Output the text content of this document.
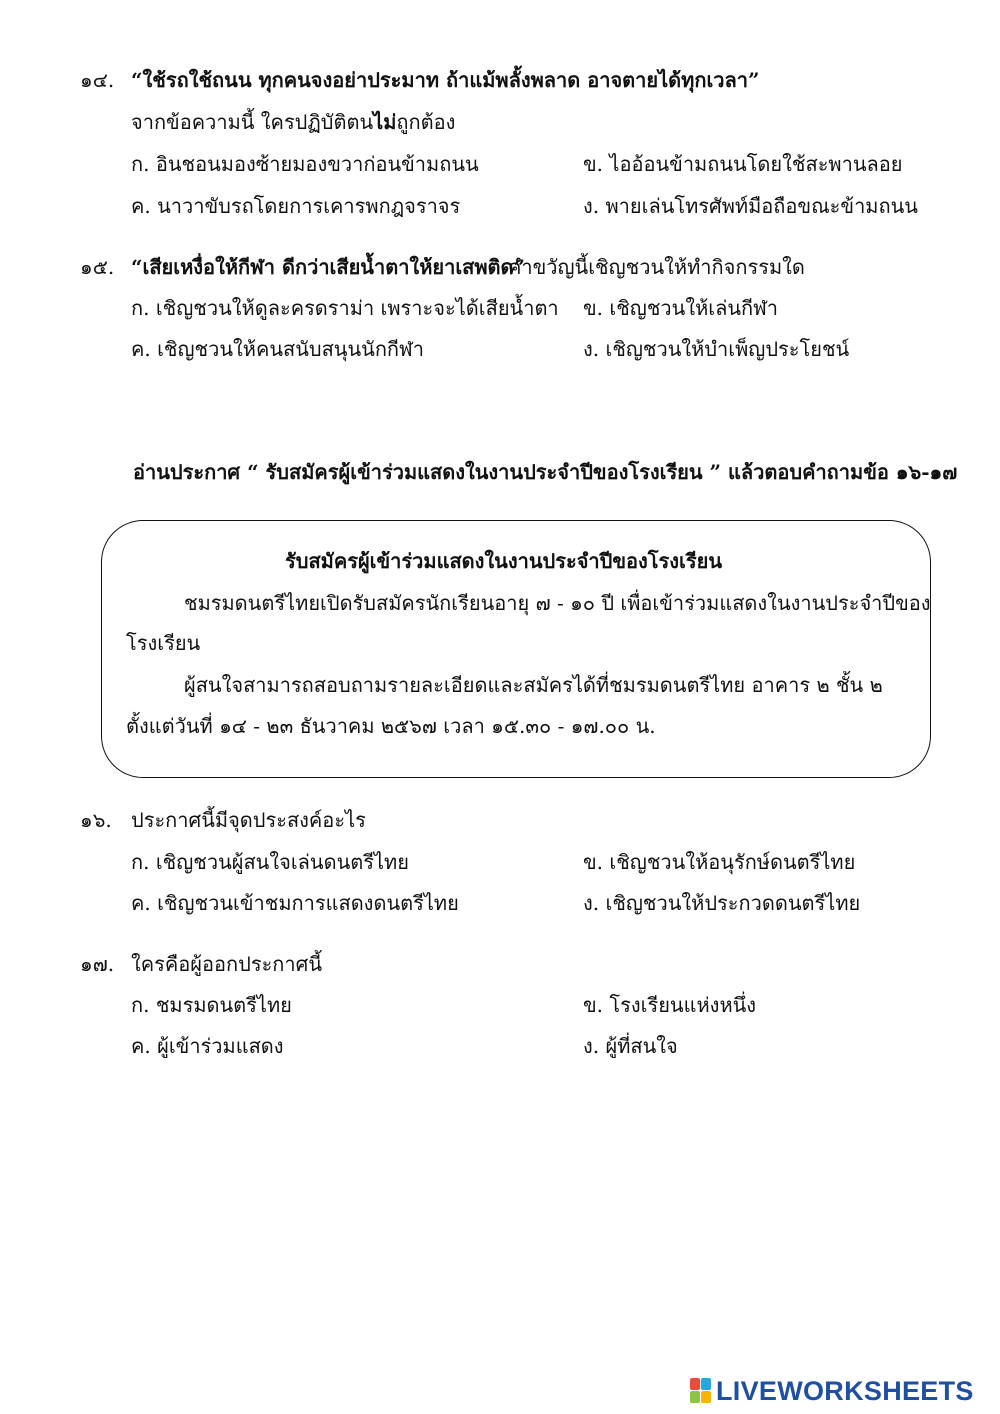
๑๔. “ใช้รถใช้ถนน ทุกคนจงอย่าประมาท ถ้าแม้พลั้งพลาด อาจตายได้ทุกเวลา”
จากข้อความนี้ ใครปฏิบัติตนไม่ถูกต้อง
ก. อินชอนมองซ้ายมองขวาก่อนข้ามถนน	ข. ไออ้อนข้ามถนนโดยใช้สะพานลอย
ค. นาวาขับรถโดยการเคารพกฎจราจร	ง. พายเล่นโทรศัพท์มือถือขณะข้ามถนน
๑๕. “เสียเหงื่อให้กีฬา ดีกว่าเสียน้ำตาให้ยาเสพติด”
คำขวัญนี้เชิญชวนให้ทำกิจกรรมใด
ก. เชิญชวนให้ดูละครดราม่า เพราะจะได้เสียน้ำตา ข. เชิญชวนให้เล่นกีฬา
ค. เชิญชวนให้คนสนับสนุนนักกีฬา	ง. เชิญชวนให้บำเพ็ญประโยชน์
อ่านประกาศ “ รับสมัครผู้เข้าร่วมแสดงในงานประจำปีของโรงเรียน ” แล้วตอบคำถามข้อ ๑๖-๑๗
รับสมัครผู้เข้าร่วมแสดงในงานประจำปีของโรงเรียน
ชมรมดนตรีไทยเปิดรับสมัครนักเรียนอายุ ๗ - ๑๐ ปี เพื่อเข้าร่วมแสดงในงานประจำปีของ
โรงเรียน
ผู้สนใจสามารถสอบถามรายละเอียดและสมัครได้ที่ชมรมดนตรีไทย อาคาร ๒ ชั้น ๒
ตั้งแต่วันที่ ๑๔ - ๒๓ ธันวาคม ๒๕๖๗ เวลา ๑๕.๓๐ - ๑๗.๐๐ น.
๑๖. ประกาศนี้มีจุดประสงค์อะไร
ก. เชิญชวนผู้สนใจเล่นดนตรีไทย	ข. เชิญชวนให้อนุรักษ์ดนตรีไทย
ค. เชิญชวนเข้าชมการแสดงดนตรีไทย	ง. เชิญชวนให้ประกวดดนตรีไทย
๑๗. ใครคือผู้ออกประกาศนี้
ก. ชมรมดนตรีไทย	ข. โรงเรียนแห่งหนึ่ง
ค. ผู้เข้าร่วมแสดง	ง. ผู้ที่สนใจ
LIVEWORKSHEETS
